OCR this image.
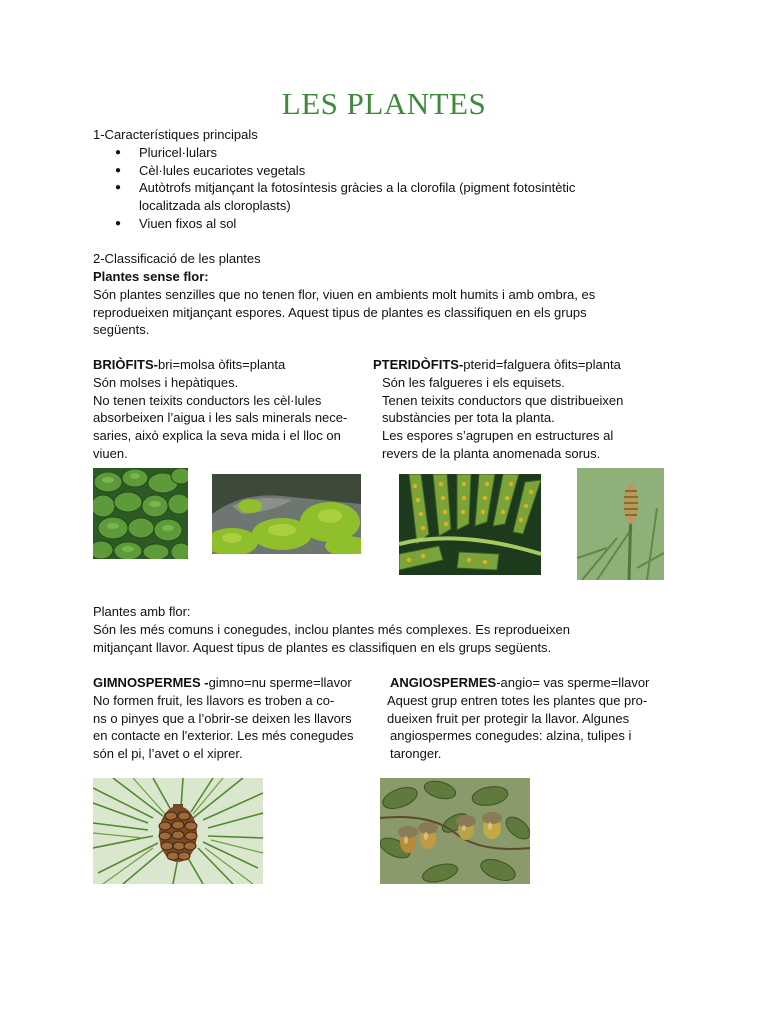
LES PLANTES
1-Característiques principals
● Pluricel·lulars
● Cèl·lules eucariotes vegetals
● Autòtrofs mitjançant la fotosíntesis gràcies a la clorofila (pigment fotosintètic
localitzada als cloroplasts)
● Viuen fixos al sol
2-Classificació de les plantes
Plantes sense flor:

Són plantes senzilles que no tenen flor, viuen en ambients molt humits i amb ombra, es

reprodueixen mitjançant espores. Aquest tipus de plantes es classifiquen en els grups

següents.

BRIÒFITS-bri=molsa òfits=planta

Són molses i hepàtiques.

No tenen teixits conductors les cèl·lules

absorbeixen l’aigua i les sals minerals nece-

saries, això explica la seva mida i el lloc on

viuen.

PTERIDÒFITS-pterid=falguera òfits=planta

Són les falgueres i els equisets.

Tenen teixits conductors que distribueixen

substàncies per tota la planta.

Les espores s’agrupen en estructures al

revers de la planta anomenada sorus.

Plantes amb flor:

Són les més comuns i conegudes, inclou plantes més complexes. Es reprodueixen

mitjançant llavor. Aquest tipus de plantes es classifiquen en els grups següents.

GIMNOSPERMES -gimno=nu sperme=llavor

No formen fruit, les llavors es troben a co-

ns o pinyes que a l’obrir-se deixen les llavors

en contacte en l'exterior. Les més conegudes

són el pi, l’avet o el xiprer.

ANGIOSPERMES-angio= vas sperme=llavor

Aquest grup entren totes les plantes que pro-

dueixen fruit per protegir la llavor. Algunes

angiospermes conegudes: alzina, tulipes i

taronger.
